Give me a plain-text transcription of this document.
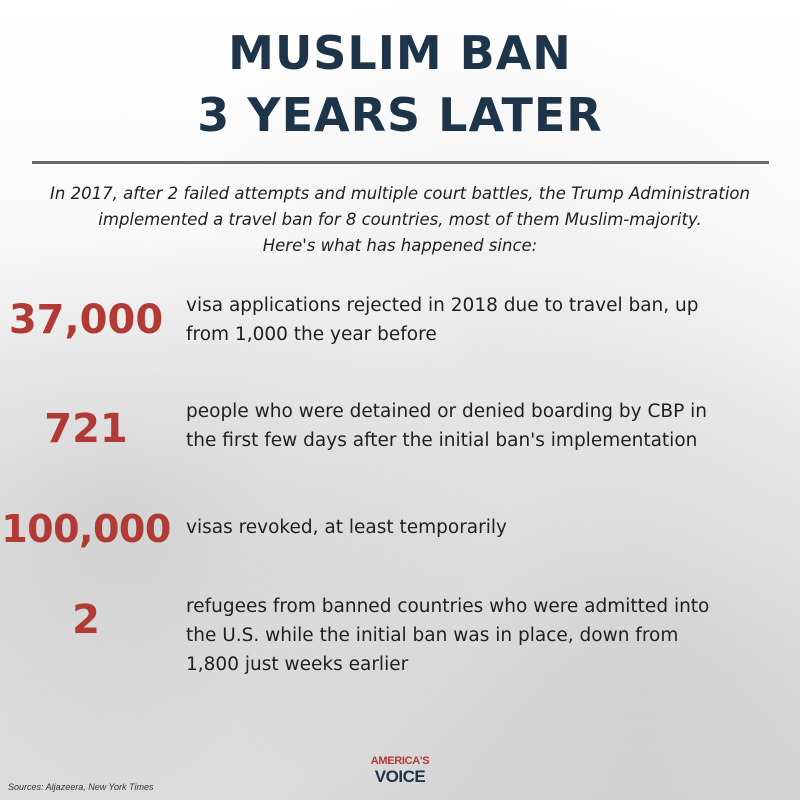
MUSLIM BAN
3 YEARS LATER
In 2017, after 2 failed attempts and multiple court battles, the Trump Administration
implemented a travel ban for 8 countries, most of them Muslim-majority.
Here's what has happened since:
37,000	visa applications rejected in 2018 due to travel ban, up
from 1,000 the year before
721	people who were detained or denied boarding by CBP in
the first few days after the initial ban's implementation
100,000 visas revoked, at least temporarily
2	refugees from banned countries who were admitted into
the U.S. while the initial ban was in place, down from
1,800 just weeks earlier
Sources: Aljazeera, New York Times
AMERICA'S
VOICE
